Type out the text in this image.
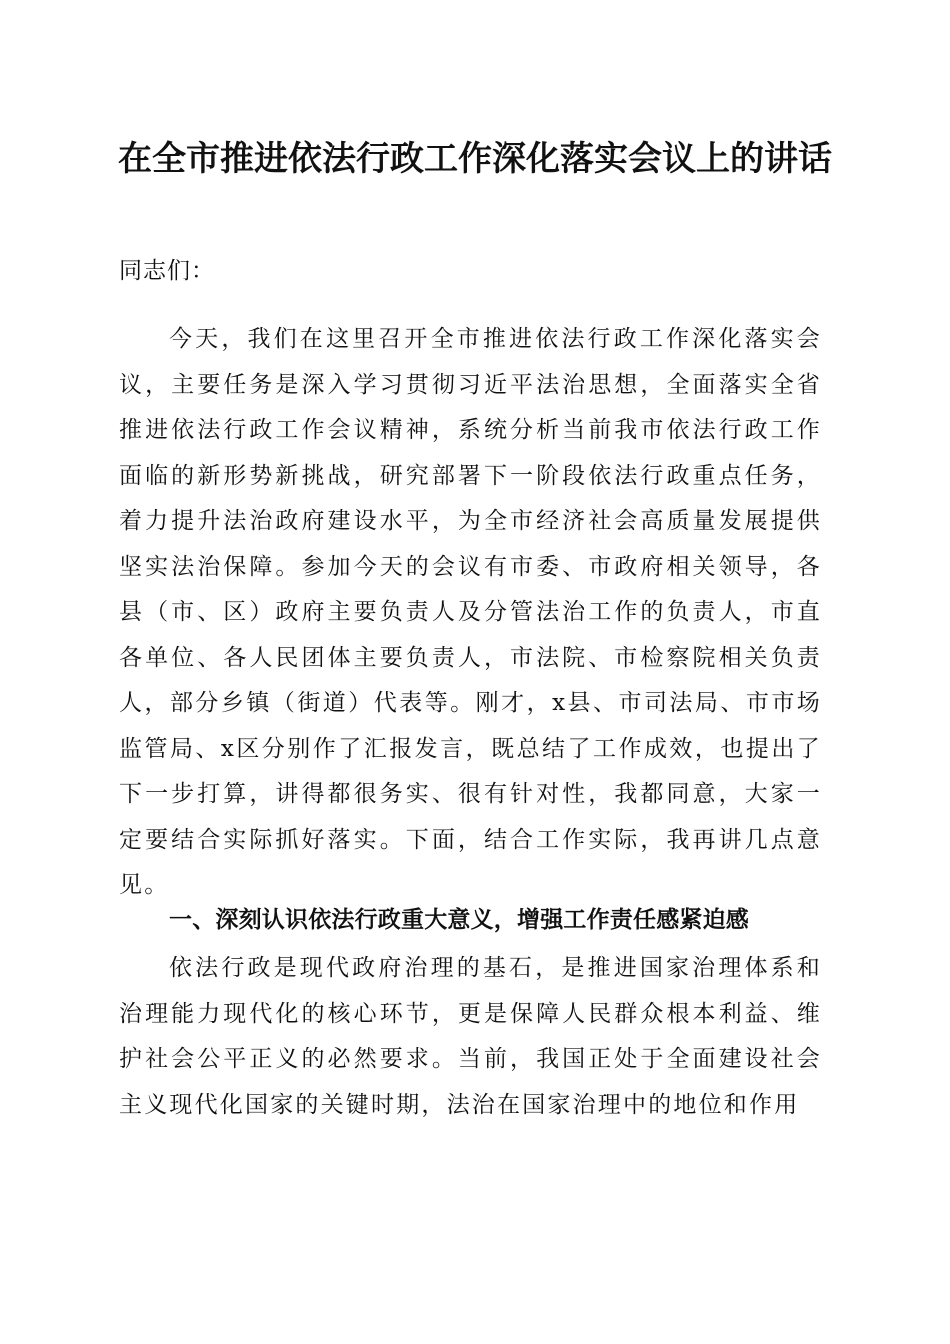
在全市推进依法行政工作深化落实会议上的讲话

同志们：

今天，我们在这里召开全市推进依法行政工作深化落实会议，主要任务是深入学习贯彻习近平法治思想，全面落实全省推进依法行政工作会议精神，系统分析当前我市依法行政工作面临的新形势新挑战，研究部署下一阶段依法行政重点任务，着力提升法治政府建设水平，为全市经济社会高质量发展提供坚实法治保障。参加今天的会议有市委、市政府相关领导，各县（市、区）政府主要负责人及分管法治工作的负责人，市直各单位、各人民团体主要负责人，市法院、市检察院相关负责人，部分乡镇（街道）代表等。刚才，x县、市司法局、市市场监管局、x区分别作了汇报发言，既总结了工作成效，也提出了下一步打算，讲得都很务实、很有针对性，我都同意，大家一定要结合实际抓好落实。下面，结合工作实际，我再讲几点意见。

一、深刻认识依法行政重大意义，增强工作责任感紧迫感

依法行政是现代政府治理的基石，是推进国家治理体系和治理能力现代化的核心环节，更是保障人民群众根本利益、维护社会公平正义的必然要求。当前，我国正处于全面建设社会主义现代化国家的关键时期，法治在国家治理中的地位和作用
